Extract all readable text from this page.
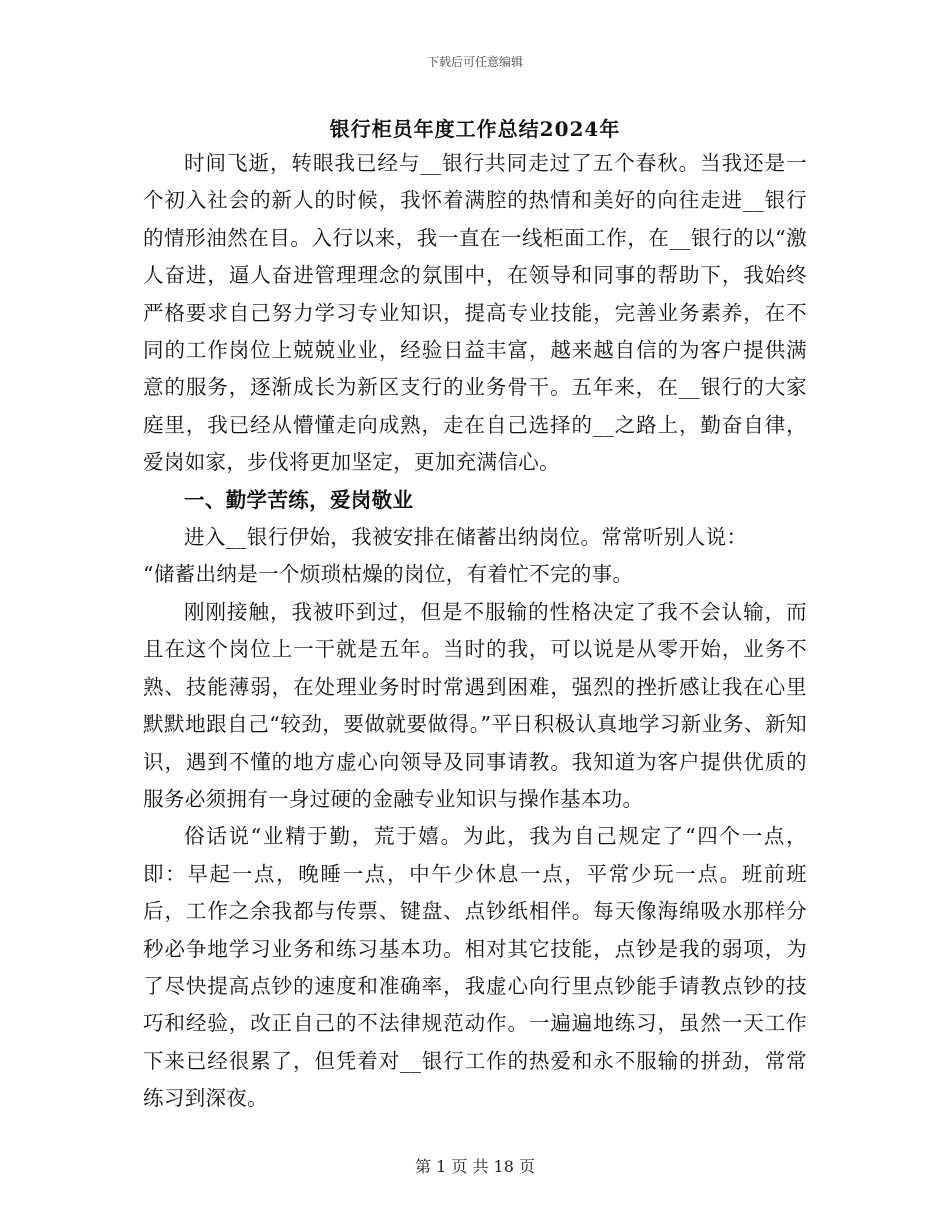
下载后可任意编辑
银行柜员年度工作总结2024年

时间飞逝，转眼我已经与__银行共同走过了五个春秋。当我还是一个初入社会的新人的时候，我怀着满腔的热情和美好的向往走进__银行的情形油然在目。入行以来，我一直在一线柜面工作，在__银行的以“激人奋进，逼人奋进管理理念的氛围中，在领导和同事的帮助下，我始终严格要求自己努力学习专业知识，提高专业技能，完善业务素养，在不同的工作岗位上兢兢业业，经验日益丰富，越来越自信的为客户提供满意的服务，逐渐成长为新区支行的业务骨干。五年来，在__银行的大家庭里，我已经从懵懂走向成熟，走在自己选择的__之路上，勤奋自律，爱岗如家，步伐将更加坚定，更加充满信心。

一、勤学苦练，爱岗敬业

进入__银行伊始，我被安排在储蓄出纳岗位。常常听别人说：

“储蓄出纳是一个烦琐枯燥的岗位，有着忙不完的事。

刚刚接触，我被吓到过，但是不服输的性格决定了我不会认输，而且在这个岗位上一干就是五年。当时的我，可以说是从零开始，业务不熟、技能薄弱，在处理业务时时常遇到困难，强烈的挫折感让我在心里默默地跟自己“较劲，要做就要做得。”平日积极认真地学习新业务、新知识，遇到不懂的地方虚心向领导及同事请教。我知道为客户提供优质的服务必须拥有一身过硬的金融专业知识与操作基本功。

俗话说“业精于勤，荒于嬉。为此，我为自己规定了“四个一点，即：早起一点，晚睡一点，中午少休息一点，平常少玩一点。班前班后，工作之余我都与传票、键盘、点钞纸相伴。每天像海绵吸水那样分秒必争地学习业务和练习基本功。相对其它技能，点钞是我的弱项，为了尽快提高点钞的速度和准确率，我虚心向行里点钞能手请教点钞的技巧和经验，改正自己的不法律规范动作。一遍遍地练习，虽然一天工作下来已经很累了，但凭着对__银行工作的热爱和永不服输的拼劲，常常练习到深夜。

第 1 页 共 18 页
